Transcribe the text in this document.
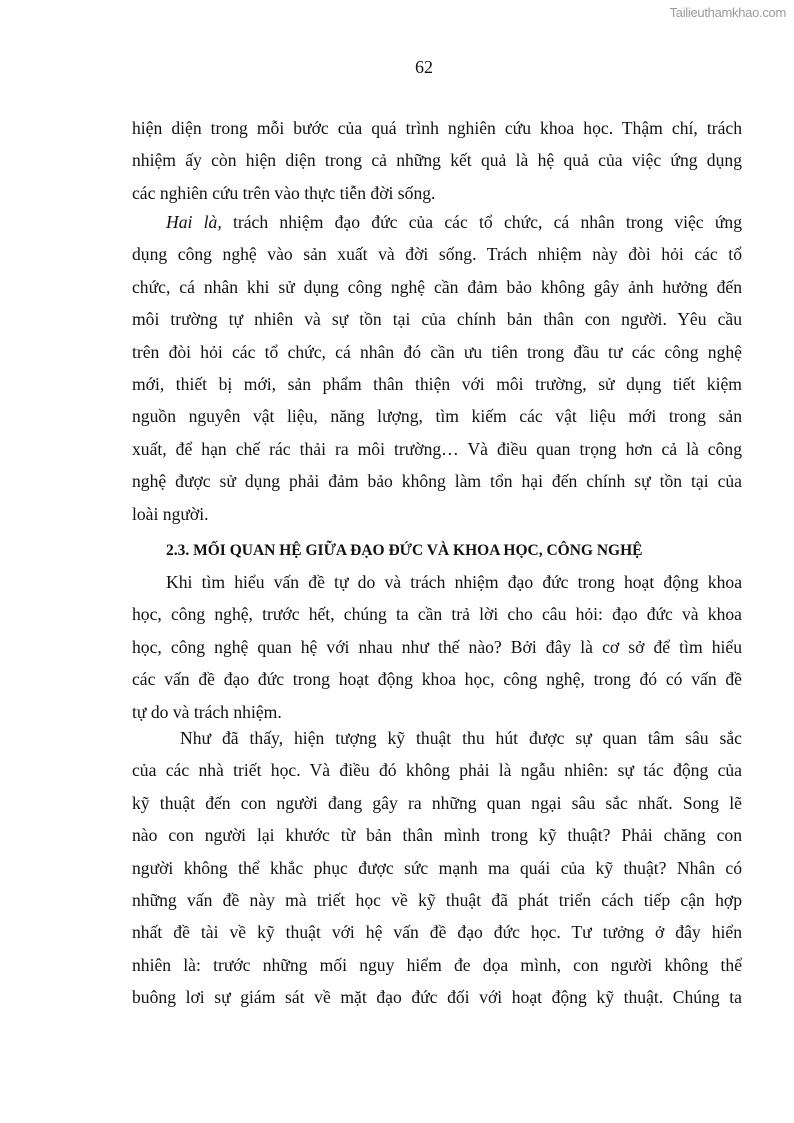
Tailieuthamkhao.com
62
hiện diện trong mỗi bước của quá trình nghiên cứu khoa học. Thậm chí, trách
nhiệm ấy còn hiện diện trong cả những kết quả là hệ quả của việc ứng dụng
các nghiên cứu trên vào thực tiễn đời sống.
Hai là, trách nhiệm đạo đức của các tổ chức, cá nhân trong việc ứng
dụng công nghệ vào sản xuất và đời sống. Trách nhiệm này đòi hỏi các tổ
chức, cá nhân khi sử dụng công nghệ cần đảm bảo không gây ảnh hưởng đến
môi trường tự nhiên và sự tồn tại của chính bản thân con người. Yêu cầu
trên đòi hỏi các tổ chức, cá nhân đó cần ưu tiên trong đầu tư các công nghệ
mới, thiết bị mới, sản phẩm thân thiện với môi trường, sử dụng tiết kiệm
nguồn nguyên vật liệu, năng lượng, tìm kiếm các vật liệu mới trong sản
xuất, để hạn chế rác thải ra môi trường… Và điều quan trọng hơn cả là công
nghệ được sử dụng phải đảm bảo không làm tổn hại đến chính sự tồn tại của
loài người.
2.3. MỐI QUAN HỆ GIỮA ĐẠO ĐỨC VÀ KHOA HỌC, CÔNG NGHỆ
Khi tìm hiểu vấn đề tự do và trách nhiệm đạo đức trong hoạt động khoa
học, công nghệ, trước hết, chúng ta cần trả lời cho câu hỏi: đạo đức và khoa
học, công nghệ quan hệ với nhau như thế nào? Bởi đây là cơ sở để tìm hiểu
các vấn đề đạo đức trong hoạt động khoa học, công nghệ, trong đó có vấn đề
tự do và trách nhiệm.
Như đã thấy, hiện tượng kỹ thuật thu hút được sự quan tâm sâu sắc
của các nhà triết học. Và điều đó không phải là ngẫu nhiên: sự tác động của
kỹ thuật đến con người đang gây ra những quan ngại sâu sắc nhất. Song lẽ
nào con người lại khước từ bản thân mình trong kỹ thuật? Phải chăng con
người không thể khắc phục được sức mạnh ma quái của kỹ thuật? Nhân có
những vấn đề này mà triết học về kỹ thuật đã phát triển cách tiếp cận hợp
nhất đề tài về kỹ thuật với hệ vấn đề đạo đức học. Tư tưởng ở đây hiển
nhiên là: trước những mối nguy hiểm đe dọa mình, con người không thể
buông lơi sự giám sát về mặt đạo đức đối với hoạt động kỹ thuật. Chúng ta
